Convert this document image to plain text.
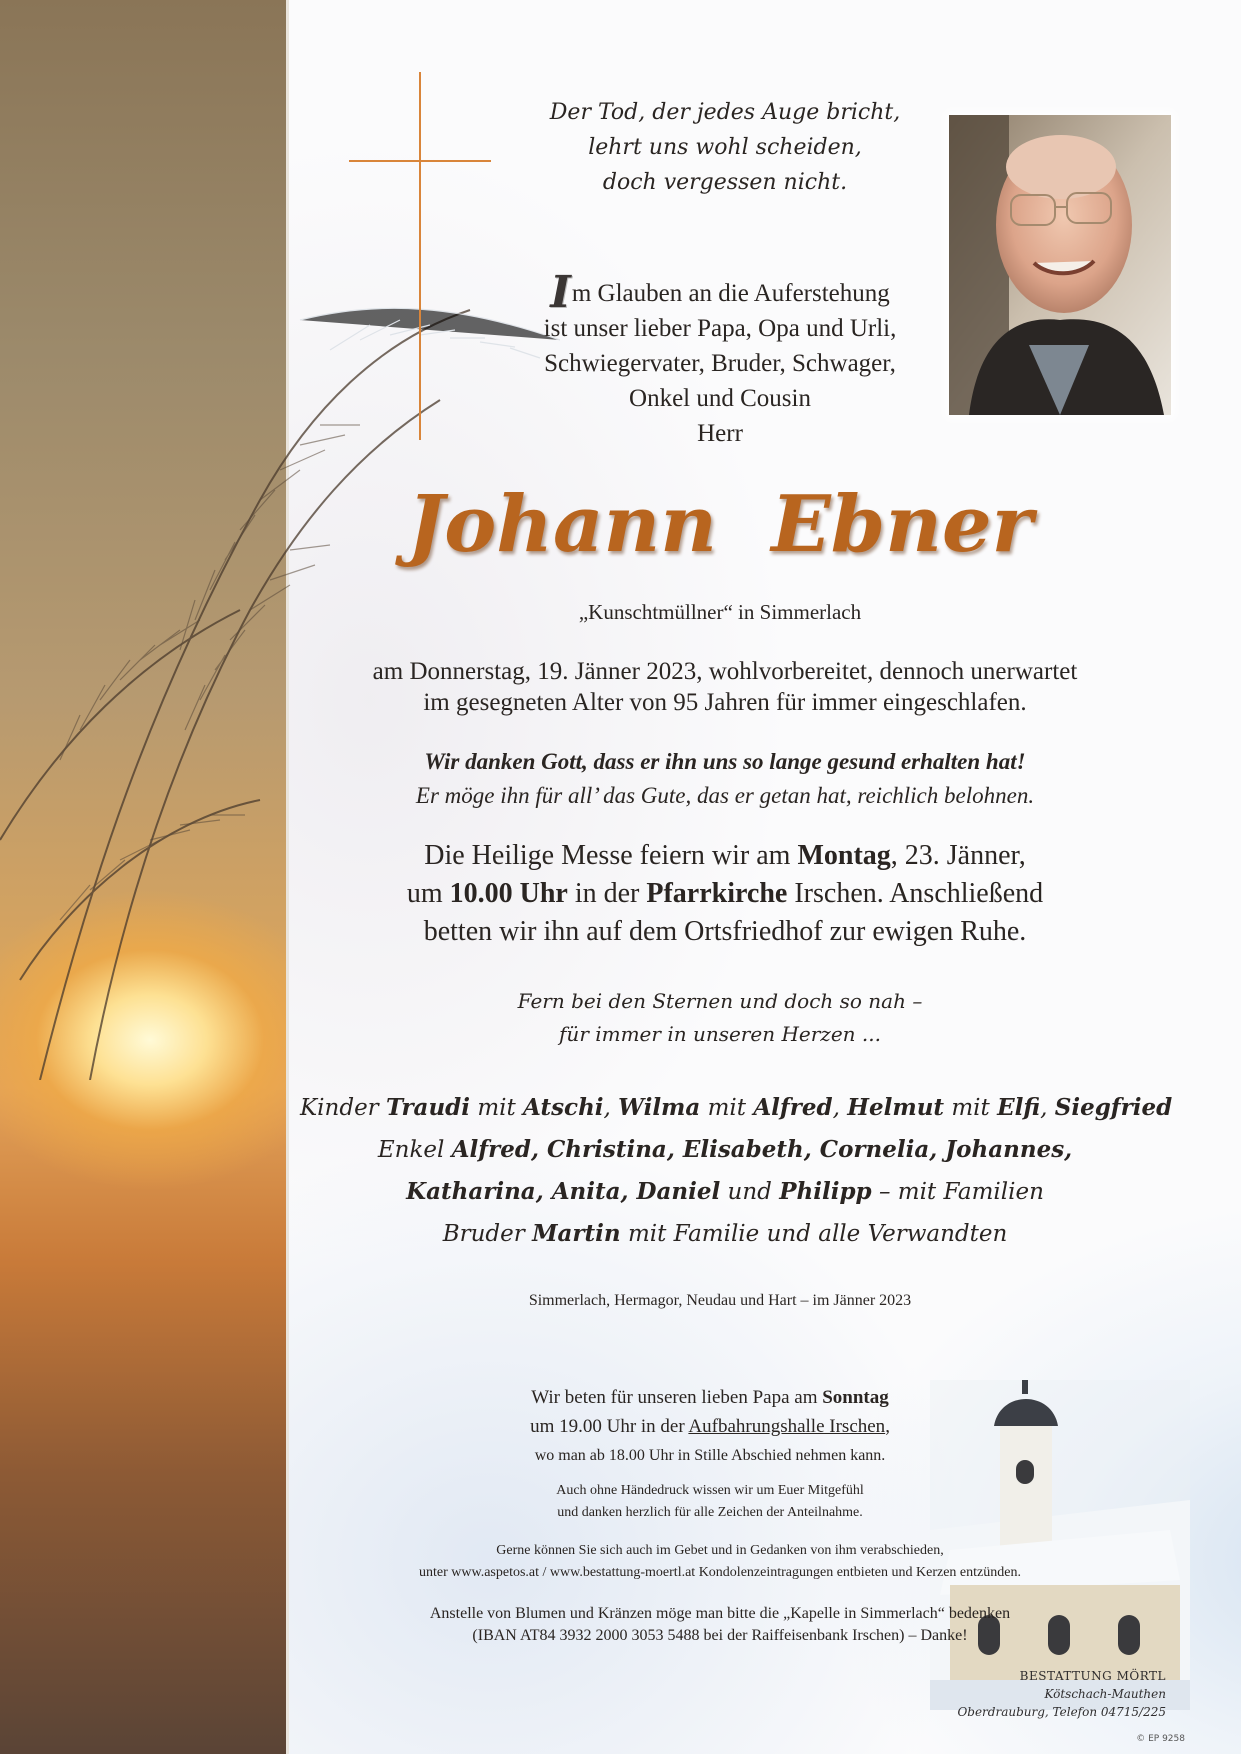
Der Tod, der jedes Auge bricht,
lehrt uns wohl scheiden,
doch vergessen nicht.
Im Glauben an die Auferstehung
ist unser lieber Papa, Opa und Urli,
Schwiegervater, Bruder, Schwager,
Onkel und Cousin
Herr
Johann  Ebner
„Kunschtmüllner“ in Simmerlach
am Donnerstag, 19. Jänner 2023, wohlvorbereitet, dennoch unerwartet
im gesegneten Alter von 95 Jahren für immer eingeschlafen.
Wir danken Gott, dass er ihn uns so lange gesund erhalten hat!
Er möge ihn für all’ das Gute, das er getan hat, reichlich belohnen.
Die Heilige Messe feiern wir am Montag, 23. Jänner,
um 10.00 Uhr in der Pfarrkirche Irschen. Anschließend
betten wir ihn auf dem Ortsfriedhof zur ewigen Ruhe.
Fern bei den Sternen und doch so nah –
für immer in unseren Herzen ...
Kinder Traudi mit Atschi, Wilma mit Alfred, Helmut mit Elfi, Siegfried
Enkel Alfred, Christina, Elisabeth, Cornelia, Johannes,
Katharina, Anita, Daniel und Philipp – mit Familien
Bruder Martin mit Familie und alle Verwandten
Simmerlach, Hermagor, Neudau und Hart – im Jänner 2023
Wir beten für unseren lieben Papa am Sonntag
um 19.00 Uhr in der Aufbahrungshalle Irschen,
wo man ab 18.00 Uhr in Stille Abschied nehmen kann.
Auch ohne Händedruck wissen wir um Euer Mitgefühl
und danken herzlich für alle Zeichen der Anteilnahme.
Gerne können Sie sich auch im Gebet und in Gedanken von ihm verabschieden,
unter www.aspetos.at / www.bestattung-moertl.at Kondolenzeintragungen entbieten und Kerzen entzünden.
Anstelle von Blumen und Kränzen möge man bitte die „Kapelle in Simmerlach“ bedenken
(IBAN AT84 3932 2000 3053 5488 bei der Raiffeisenbank Irschen) – Danke!
BESTATTUNG MÖRTL
Kötschach-Mauthen
Oberdrauburg, Telefon 04715/225
© EP 9258
